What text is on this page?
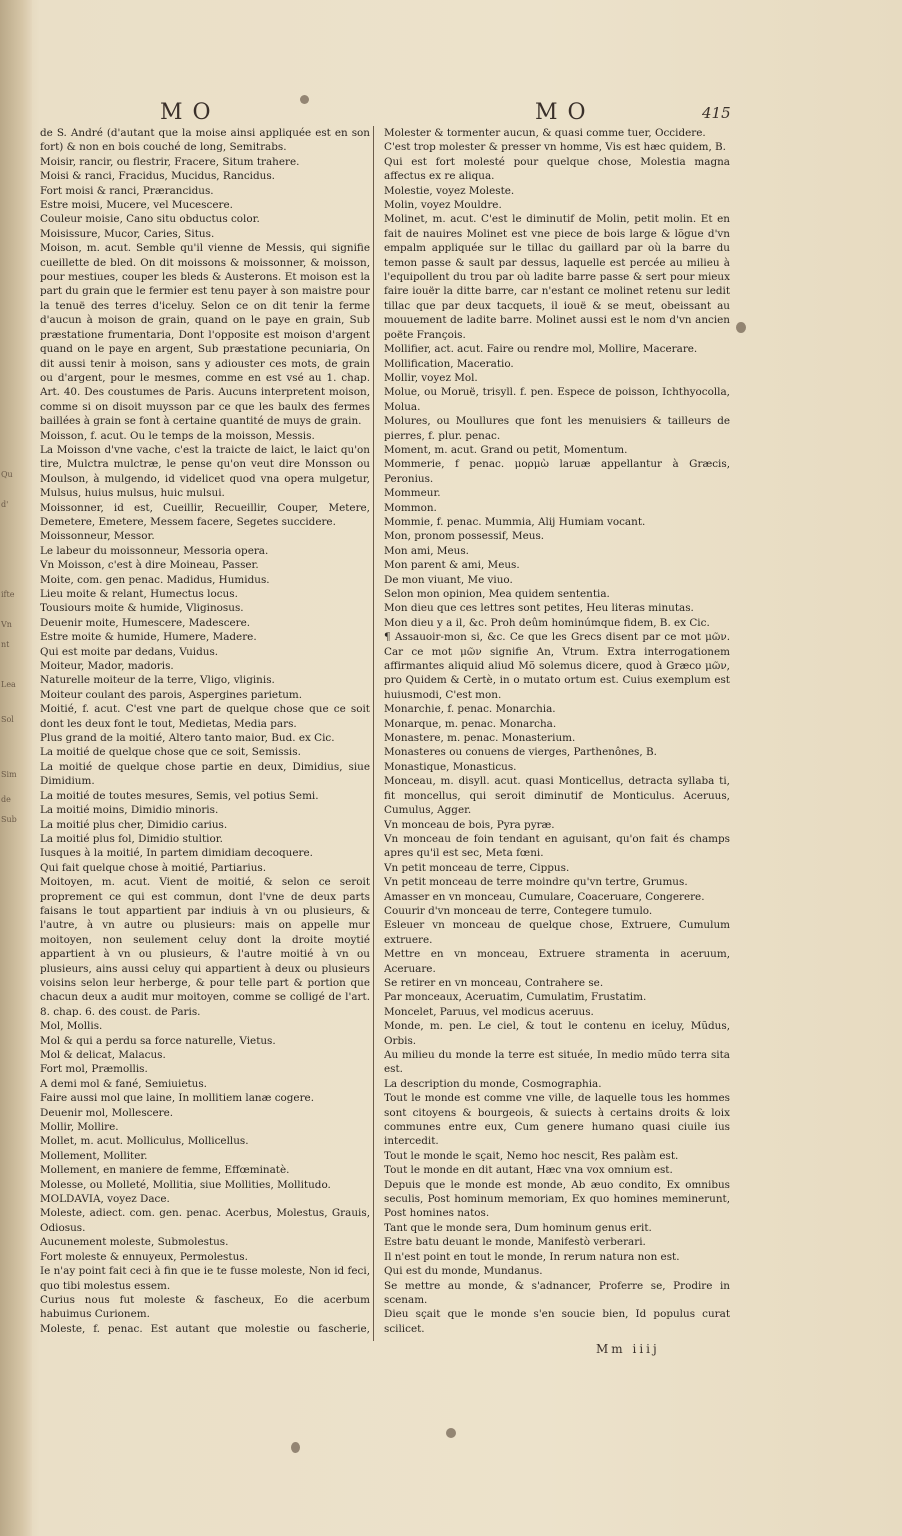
Qu
d'
ifte
Vn
nt
Lea
Sol
Sim
de
Sub
MO	MO	415

de S. André (d'autant que la moise ainsi appliquée est en son fort) & non en bois couché de long, Semitrabs.

Moisir, rancir, ou flestrir, Fracere, Situm trahere.

Moisi & ranci, Fracidus, Mucidus, Rancidus.

Fort moisi & ranci, Prærancidus.

Estre moisi, Mucere, vel Mucescere.

Couleur moisie, Cano situ obductus color.

Moisissure, Mucor, Caries, Situs.

Moison, m. acut. Semble qu'il vienne de Messis, qui signifie cueillette de bled. On dit moissons & moissonner, & moisson, pour mestiues, couper les bleds & Austerons. Et moison est la part du grain que le fermier est tenu payer à son maistre pour la tenuë des terres d'iceluy. Selon ce on dit tenir la ferme d'aucun à moison de grain, quand on le paye en grain, Sub præstatione frumentaria, Dont l'opposite est moison d'argent quand on le paye en argent, Sub præstatione pecuniaria, On dit aussi tenir à moison, sans y adiouster ces mots, de grain ou d'argent, pour le mesmes, comme en est vsé au 1. chap. Art. 40. Des coustumes de Paris. Aucuns interpretent moison, comme si on disoit muysson par ce que les baulx des fermes baillées à grain se font à certaine quantité de muys de grain.

Moisson, f. acut. Ou le temps de la moisson, Messis.

La Moisson d'vne vache, c'est la traicte de laict, le laict qu'on tire, Mulctra mulctræ, le pense qu'on veut dire Monsson ou Moulson, à mulgendo, id videlicet quod vna opera mulgetur, Mulsus, huius mulsus, huic mulsui.

Moissonner, id est, Cueillir, Recueillir, Couper, Metere, Demetere, Emetere, Messem facere, Segetes succidere.

Moissonneur, Messor.

Le labeur du moissonneur, Messoria opera.

Vn Moisson, c'est à dire Moineau, Passer.

Moite, com. gen penac. Madidus, Humidus.

Lieu moite & relant, Humectus locus.

Tousiours moite & humide, Vliginosus.

Deuenir moite, Humescere, Madescere.

Estre moite & humide, Humere, Madere.

Qui est moite par dedans, Vuidus.

Moiteur, Mador, madoris.

Naturelle moiteur de la terre, Vligo, vliginis.

Moiteur coulant des parois, Aspergines parietum.

Moitié, f. acut. C'est vne part de quelque chose que ce soit dont les deux font le tout, Medietas, Media pars.

Plus grand de la moitié, Altero tanto maior, Bud. ex Cic.

La moitié de quelque chose que ce soit, Semissis.

La moitié de quelque chose partie en deux, Dimidius, siue Dimidium.

La moitié de toutes mesures, Semis, vel potius Semi.

La moitié moins, Dimidio minoris.

La moitié plus cher, Dimidio carius.

La moitié plus fol, Dimidio stultior.

Iusques à la moitié, In partem dimidiam decoquere.

Qui fait quelque chose à moitié, Partiarius.

Moitoyen, m. acut. Vient de moitié, & selon ce seroit proprement ce qui est commun, dont l'vne de deux parts faisans le tout appartient par indiuis à vn ou plusieurs, & l'autre, à vn autre ou plusieurs: mais on appelle mur moitoyen, non seulement celuy dont la droite moytié appartient à vn ou plusieurs, & l'autre moitié à vn ou plusieurs, ains aussi celuy qui appartient à deux ou plusieurs voisins selon leur herberge, & pour telle part & portion que chacun deux a audit mur moitoyen, comme se colligé de l'art. 8. chap. 6. des coust. de Paris.

Mol, Mollis.

Mol & qui a perdu sa force naturelle, Vietus.

Mol & delicat, Malacus.

Fort mol, Præmollis.

A demi mol & fané, Semiuietus.

Faire aussi mol que laine, In mollitiem lanæ cogere.

Deuenir mol, Mollescere.

Mollir, Mollire.

Mollet, m. acut. Molliculus, Mollicellus.

Mollement, Molliter.

Mollement, en maniere de femme, Effœminatè.

Molesse, ou Molleté, Mollitia, siue Mollities, Mollitudo.

MOLDAVIA, voyez Dace.

Moleste, adiect. com. gen. penac. Acerbus, Molestus, Grauis, Odiosus.

Aucunement moleste, Submolestus.

Fort moleste & ennuyeux, Permolestus.

Ie n'ay point fait ceci à fin que ie te fusse moleste, Non id feci, quo tibi molestus essem.

Curius nous fut moleste & fascheux, Eo die acerbum habuimus Curionem.

Moleste, f. penac. Est autant que molestie ou fascherie,

Molester & tormenter aucun, & quasi comme tuer, Occidere.

C'est trop molester & presser vn homme, Vis est hæc quidem, B.

Qui est fort molesté pour quelque chose, Molestia magna affectus ex re aliqua.

Molestie, voyez Moleste.

Molin, voyez Mouldre.

Molinet, m. acut. C'est le diminutif de Molin, petit molin. Et en fait de nauires Molinet est vne piece de bois large & lõgue d'vn empalm appliquée sur le tillac du gaillard par où la barre du temon passe & sault par dessus, laquelle est percée au milieu à l'equipollent du trou par où ladite barre passe & sert pour mieux faire iouër la ditte barre, car n'estant ce molinet retenu sur ledit tillac que par deux tacquets, il iouë & se meut, obeissant au mouuement de ladite barre. Molinet aussi est le nom d'vn ancien poëte François.

Mollifier, act. acut. Faire ou rendre mol, Mollire, Macerare.

Mollification, Maceratio.

Mollir, voyez Mol.

Molue, ou Moruë, trisyll. f. pen. Espece de poisson, Ichthyocolla, Molua.

Molures, ou Moullures que font les menuisiers & tailleurs de pierres, f. plur. penac.

Moment, m. acut. Grand ou petit, Momentum.

Mommerie, f penac. μορμὼ laruæ appellantur à Græcis, Peronius.

Mommeur.

Mommon.

Mommie, f. penac. Mummia, Alij Humiam vocant.

Mon, pronom possessif, Meus.

Mon ami, Meus.

Mon parent & ami, Meus.

De mon viuant, Me viuo.

Selon mon opinion, Mea quidem sententia.

Mon dieu que ces lettres sont petites, Heu literas minutas.

Mon dieu y a il, &c. Proh deûm hominúmque fidem, B. ex Cic.

¶ Assauoir-mon si, &c. Ce que les Grecs disent par ce mot μῶν. Car ce mot μῶν signifie An, Vtrum. Extra interrogationem affirmantes aliquid aliud Mõ solemus dicere, quod à Græco μῶν, pro Quidem & Certè, in o mutato ortum est. Cuius exemplum est huiusmodi, C'est mon.

Monarchie, f. penac. Monarchia.

Monarque, m. penac. Monarcha.

Monastere, m. penac. Monasterium.

Monasteres ou conuens de vierges, Parthenônes, B.

Monastique, Monasticus.

Monceau, m. disyll. acut. quasi Monticellus, detracta syllaba ti, fit moncellus, qui seroit diminutif de Monticulus. Aceruus, Cumulus, Agger.

Vn monceau de bois, Pyra pyræ.

Vn monceau de foin tendant en aguisant, qu'on fait és champs apres qu'il est sec, Meta fœni.

Vn petit monceau de terre, Cippus.

Vn petit monceau de terre moindre qu'vn tertre, Grumus.

Amasser en vn monceau, Cumulare, Coaceruare, Congerere.

Couurir d'vn monceau de terre, Contegere tumulo.

Esleuer vn monceau de quelque chose, Extruere, Cumulum extruere.

Mettre en vn monceau, Extruere stramenta in aceruum, Aceruare.

Se retirer en vn monceau, Contrahere se.

Par monceaux, Aceruatim, Cumulatim, Frustatim.

Moncelet, Paruus, vel modicus aceruus.

Monde, m. pen. Le ciel, & tout le contenu en iceluy, Mũdus, Orbis.

Au milieu du monde la terre est située, In medio mũdo terra sita est.

La description du monde, Cosmographia.

Tout le monde est comme vne ville, de laquelle tous les hommes sont citoyens & bourgeois, & suiects à certains droits & loix communes entre eux, Cum genere humano quasi ciuile ius intercedit.

Tout le monde le sçait, Nemo hoc nescit, Res palàm est.

Tout le monde en dit autant, Hæc vna vox omnium est.

Depuis que le monde est monde, Ab æuo condito, Ex omnibus seculis, Post hominum memoriam, Ex quo homines meminerunt, Post homines natos.

Tant que le monde sera, Dum hominum genus erit.

Estre batu deuant le monde, Manifestò verberari.

Il n'est point en tout le monde, In rerum natura non est.

Qui est du monde, Mundanus.

Se mettre au monde, & s'adnancer, Proferre se, Prodire in scenam.

Dieu sçait que le monde s'en soucie bien, Id populus curat scilicet.

Mm iiij
